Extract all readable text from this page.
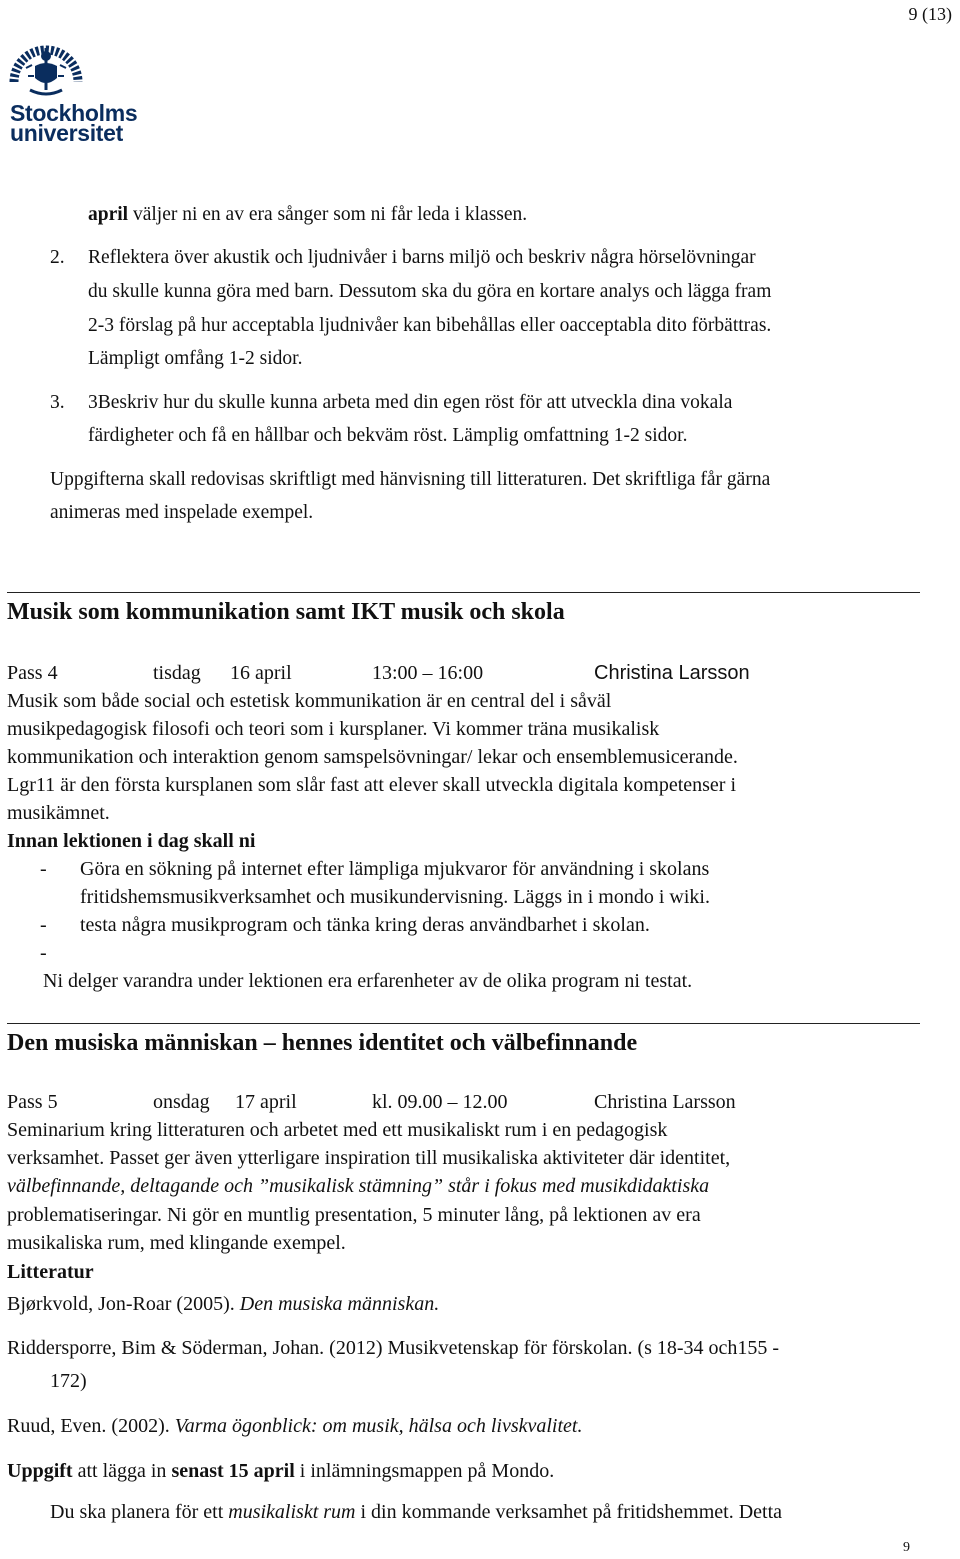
9 (13)
Stockholms
universitet
april väljer ni en av era sånger som ni får leda i klassen.
2. Reflektera över akustik och ljudnivåer i barns miljö och beskriv några hörselövningar
du skulle kunna göra med barn. Dessutom ska du göra en kortare analys och lägga fram
2-3 förslag på hur acceptabla ljudnivåer kan bibehållas eller oacceptabla dito förbättras.
Lämpligt omfång 1-2 sidor.
3. 3Beskriv hur du skulle kunna arbeta med din egen röst för att utveckla dina vokala
färdigheter och få en hållbar och bekväm röst. Lämplig omfattning 1-2 sidor.
Uppgifterna skall redovisas skriftligt med hänvisning till litteraturen. Det skriftliga får gärna
animeras med inspelade exempel.
Musik som kommunikation samt IKT musik och skola
Pass 4	tisdag 16 april	13:00 – 16:00	Christina Larsson
Musik som både social och estetisk kommunikation är en central del i såväl
musikpedagogisk filosofi och teori som i kursplaner. Vi kommer träna musikalisk
kommunikation och interaktion genom samspelsövningar/ lekar och ensemblemusicerande.
Lgr11 är den första kursplanen som slår fast att elever skall utveckla digitala kompetenser i
musikämnet.
Innan lektionen i dag skall ni
- Göra en sökning på internet efter lämpliga mjukvaror för användning i skolans
fritidshemsmusikverksamhet och musikundervisning. Läggs in i mondo i wiki.
- testa några musikprogram och tänka kring deras användbarhet i skolan.
-
Ni delger varandra under lektionen era erfarenheter av de olika program ni testat.
Den musiska människan – hennes identitet och välbefinnande
Pass 5	onsdag 17 april	kl. 09.00 – 12.00	Christina Larsson
Seminarium kring litteraturen och arbetet med ett musikaliskt rum i en pedagogisk
verksamhet. Passet ger även ytterligare inspiration till musikaliska aktiviteter där identitet,
välbefinnande, deltagande och ”musikalisk stämning” står i fokus med musikdidaktiska
problematiseringar. Ni gör en muntlig presentation, 5 minuter lång, på lektionen av era
musikaliska rum, med klingande exempel.
Litteratur
Bjørkvold, Jon-Roar (2005). Den musiska människan.
Riddersporre, Bim & Söderman, Johan. (2012) Musikvetenskap för förskolan. (s 18-34 och155 -
172)
Ruud, Even. (2002). Varma ögonblick: om musik, hälsa och livskvalitet.
Uppgift att lägga in senast 15 april i inlämningsmappen på Mondo.
Du ska planera för ett musikaliskt rum i din kommande verksamhet på fritidshemmet. Detta
9
